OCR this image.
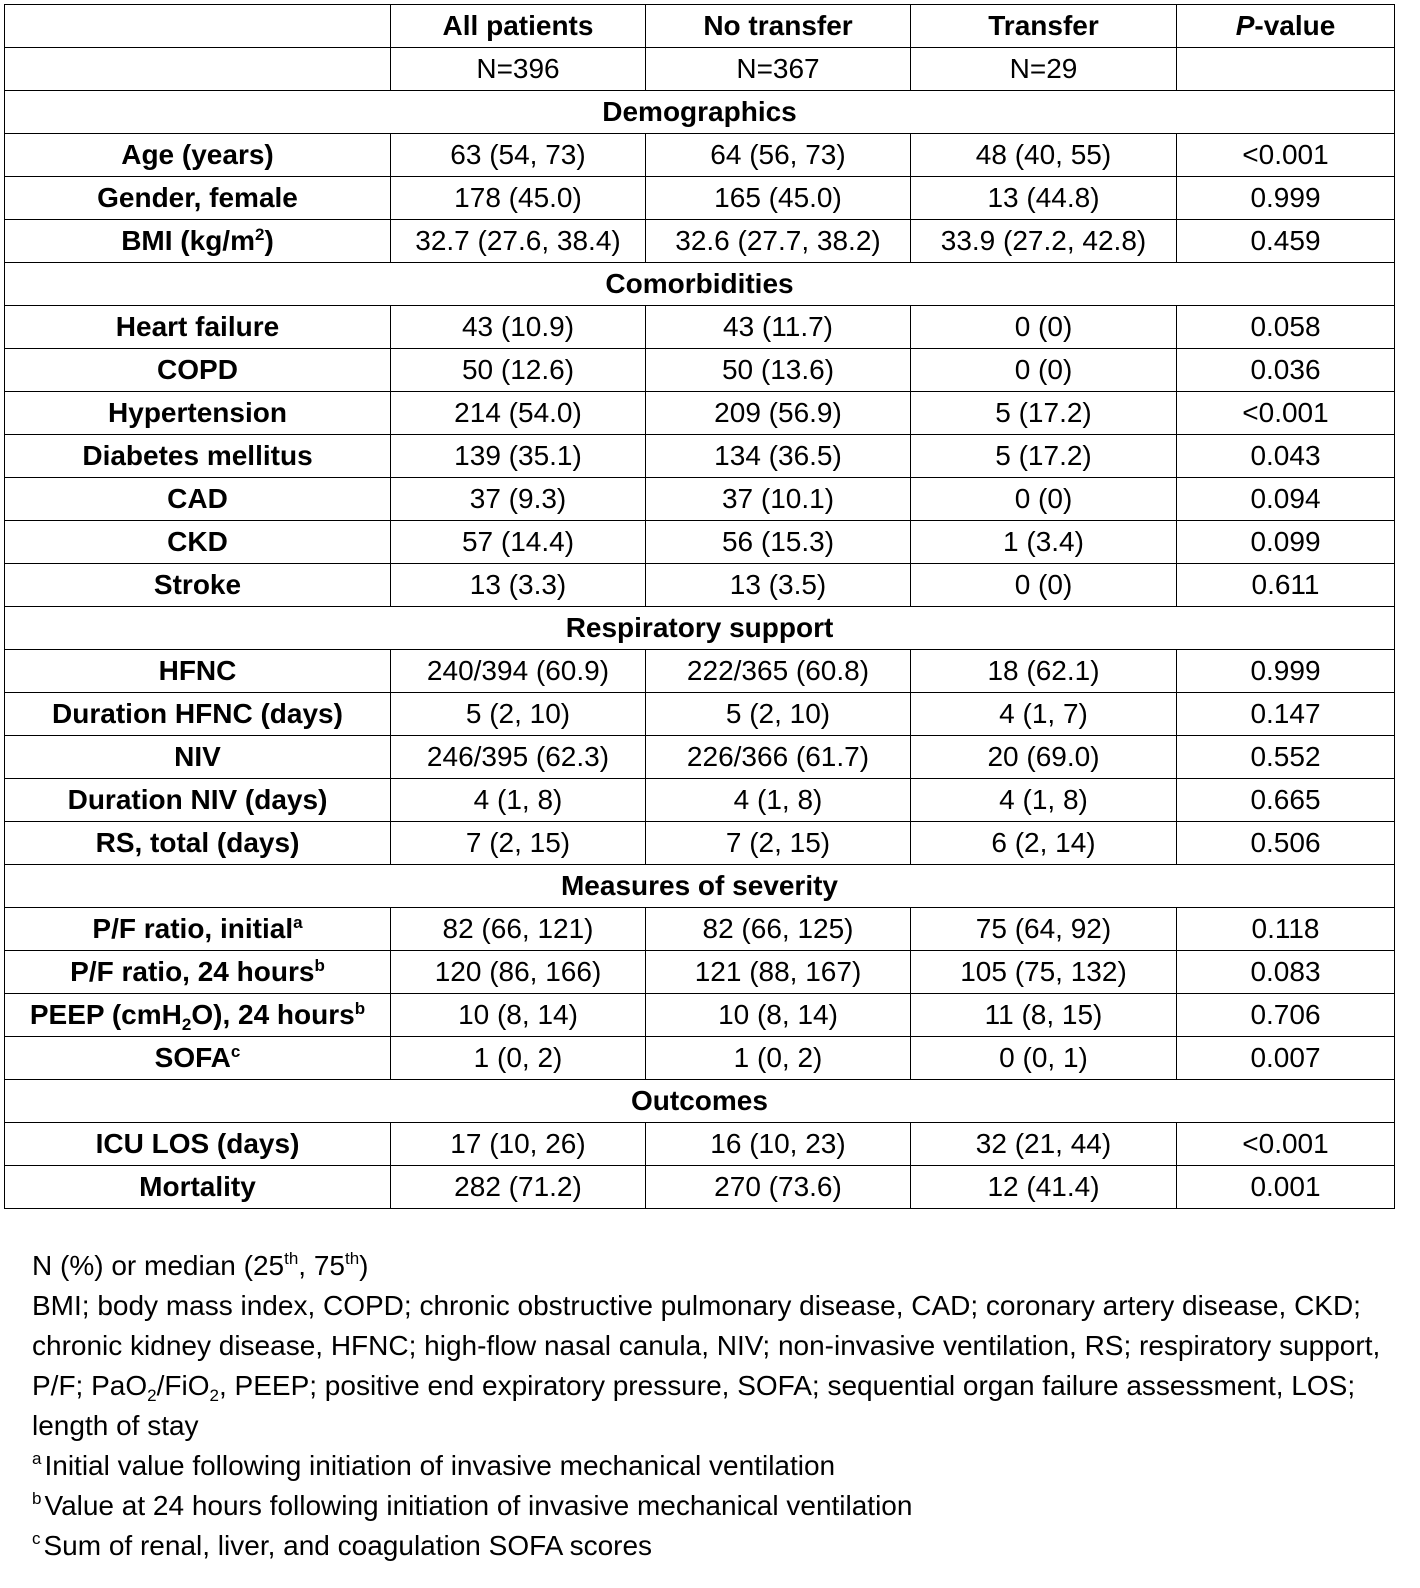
	All patients	No transfer	Transfer	P-value
	N=396	N=367	N=29	
Demographics				
Age (years)	63 (54, 73)	64 (56, 73)	48 (40, 55)	<0.001
Gender, female	178 (45.0)	165 (45.0)	13 (44.8)	0.999
BMI $(kg/m^2)$	32.7 (27.6, 38.4)	32.6 (27.7, 38.2)	33.9 (27.2, 42.8)	0.459
Comorbidities				
Heart failure	43 (10.9)	43 (11.7)	0 (0)	0.058
COPD	50 (12.6)	50 (13.6)	0 (0)	0.036
Hypertension	214 (54.0)	209 (56.9)	5 (17.2)	<0.001
Diabetes mellitus	139 (35.1)	134 (36.5)	5 (17.2)	0.043
CAD	37 (9.3)	37 (10.1)	0 (0)	0.094
CKD	57 (14.4)	56 (15.3)	1 (3.4)	0.099
Stroke	13 (3.3)	13 (3.5)	0 (0)	0.611
Respiratory support				
HFNC	240/394 (60.9)	222/365 (60.8)	18 (62.1)	0.999
Duration HFNC (days)	5 (2, 10)	5 (2, 10)	4 (1, 7)	0.147
NIV	246/395 (62.3)	226/366 (61.7)	20 (69.0)	0.552
Duration NIV (days)	4 (1, 8)	4 (1, 8)	4 (1, 8)	0.665
RS, total (days)	7 (2, 15)	7 (2, 15)	6 (2, 14)	0.506
Measures of severity				
P/F ratio, initial$^a$	82 (66, 121)	82 (66, 125)	75 (64, 92)	0.118
P/F ratio, 24 hours$^b$	120 (86, 166)	121 (88, 167)	105 (75, 132)	0.083
PEEP (cmH$_2$O), 24 hours$^b$	10 (8, 14)	10 (8, 14)	11 (8, 15)	0.706
SOFA$^c$	1 (0, 2)	1 (0, 2)	0 (0, 1)	0.007
Outcomes				
ICU LOS (days)	17 (10, 26)	16 (10, 23)	32 (21, 44)	<0.001
Mortality	282 (71.2)	270 (73.6)	12 (41.4)	0.001
N (%) or median (25th, 75th)
BMI; body mass index, COPD; chronic obstructive pulmonary disease, CAD; coronary artery disease, CKD; chronic kidney disease, HFNC; high-flow nasal canula, NIV; non-invasive ventilation, RS; respiratory support, P/F; PaO$_2$/FiO$_2$, PEEP; positive end expiratory pressure, SOFA; sequential organ failure assessment, LOS; length of stay
$^a$ Initial value following initiation of invasive mechanical ventilation
$^b$ Value at 24 hours following initiation of invasive mechanical ventilation
$^c$ Sum of renal, liver, and coagulation SOFA scores
